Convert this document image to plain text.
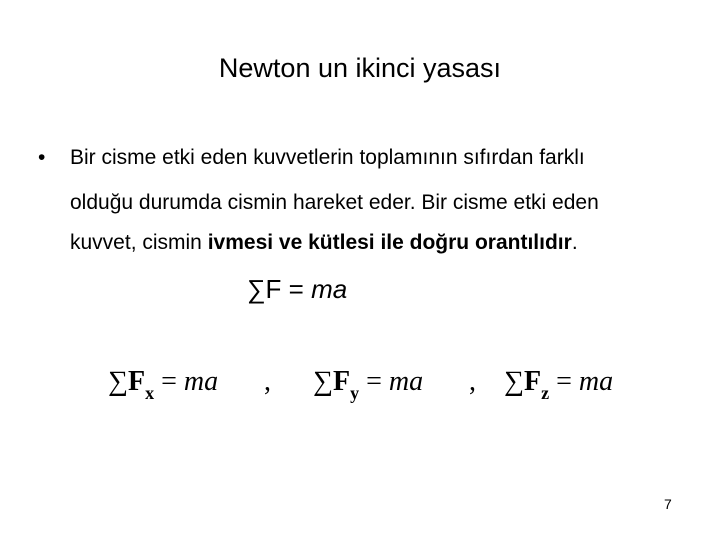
Newton un ikinci yasası
•	Bir cisme etki eden kuvvetlerin toplamının sıfırdan farklı
olduğu durumda cismin hareket eder. Bir cisme etki eden
kuvvet, cismin ivmesi ve kütlesi ile doğru orantılıdır.
∑F = ma
$\sum F_x$ = ma , $\sum F_y$ = ma , $\sum F_z$ = ma
7
